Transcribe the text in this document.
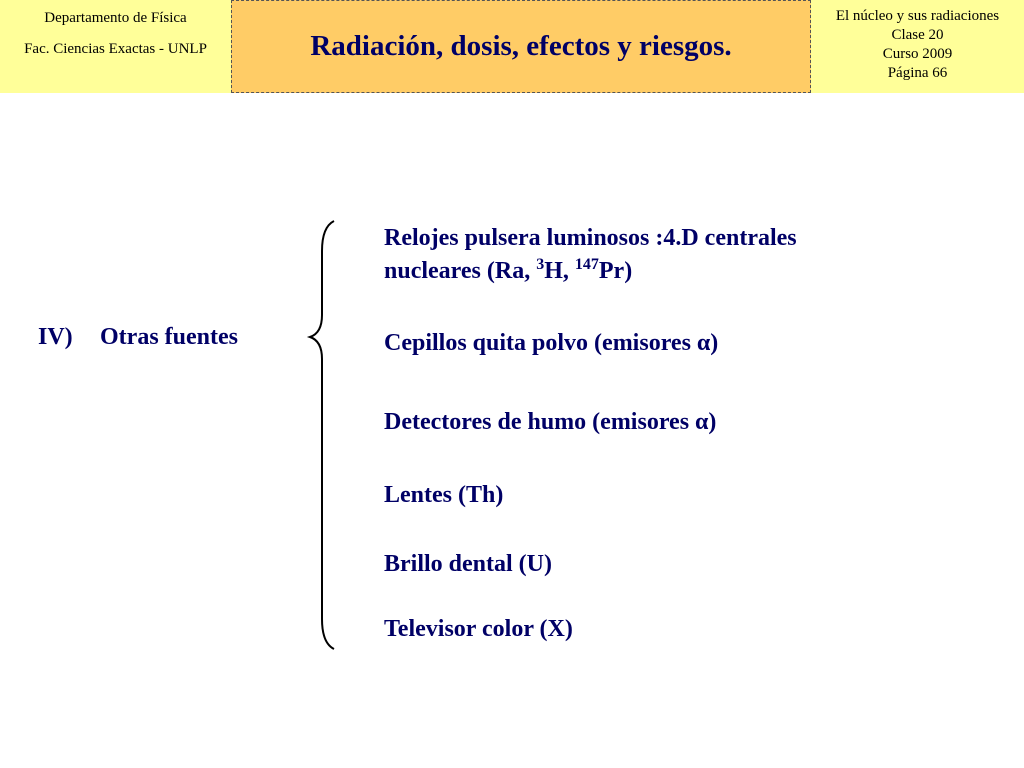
Departamento de Física
Fac. Ciencias Exactas - UNLP	Radiación, dosis, efectos y riesgos.
El núcleo y sus radiaciones
Clase 20
Curso 2009
Página 66
IV) Otras fuentes
Relojes pulsera luminosos :4.D centrales
nucleares (Ra, $^3$H, $^{147}$Pr)
Cepillos quita polvo (emisores α)
Detectores de humo (emisores α)
Lentes (Th)
Brillo dental (U)
Televisor color (X)
